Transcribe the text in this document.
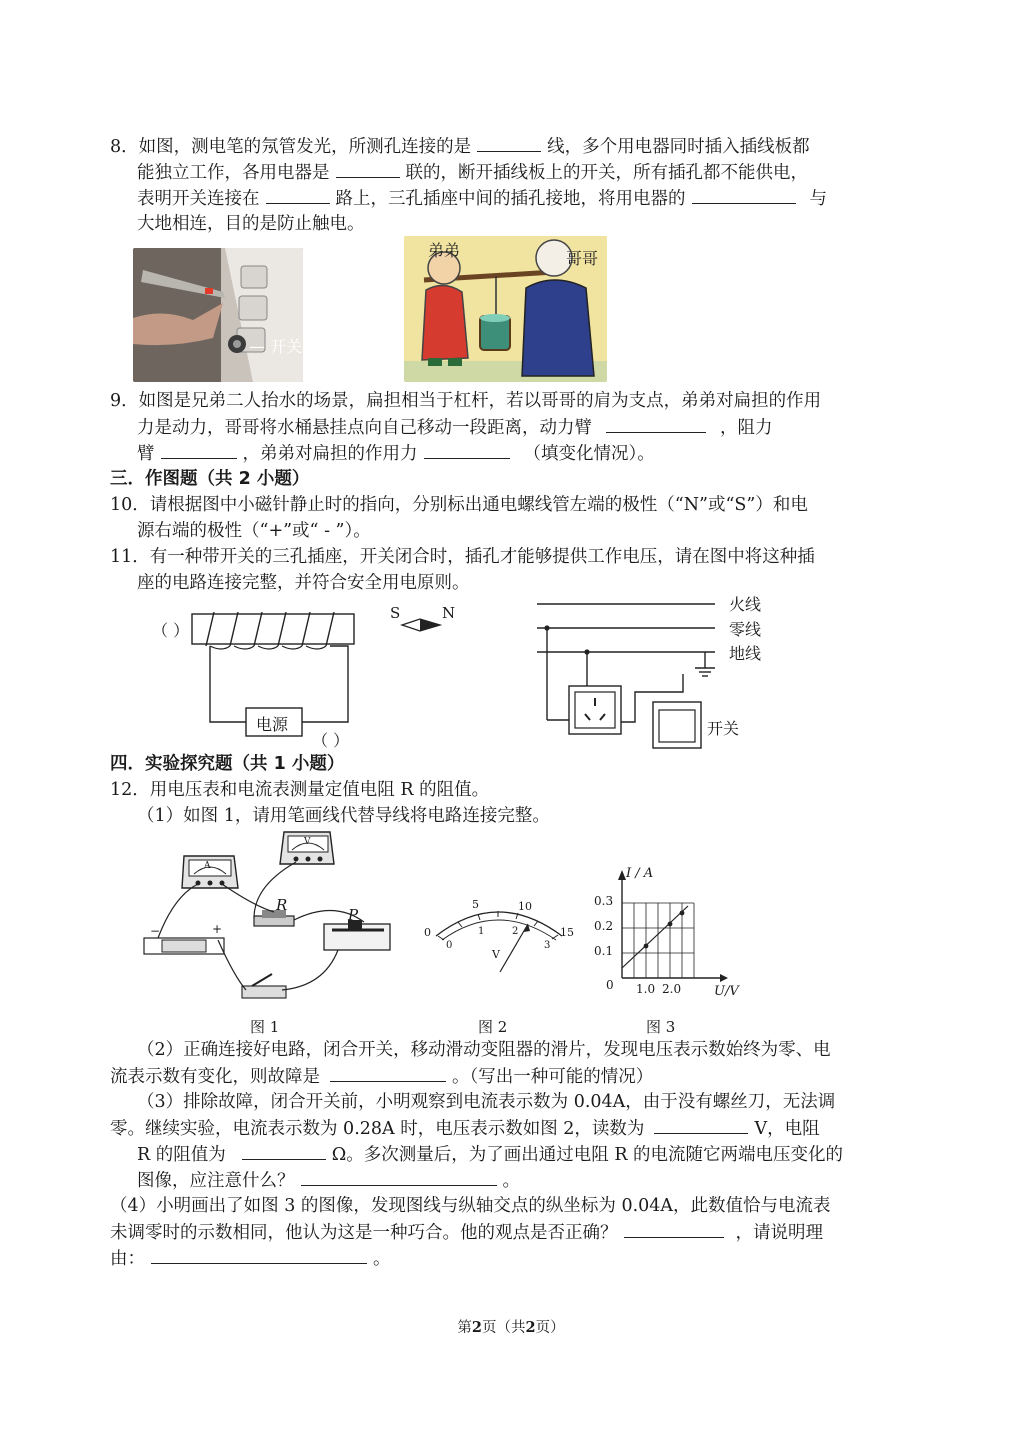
8．如图，测电笔的氖管发光，所测孔连接的是	线，多个用电器同时插入插线板都
能独立工作，各用电器是	联的，断开插线板上的开关，所有插孔都不能供电，
表明开关连接在	路上，三孔插座中间的插孔接地，将用电器的	与
大地相连，目的是防止触电。
— 开关
弟弟	哥哥
9．如图是兄弟二人抬水的场景，扁担相当于杠杆，若以哥哥的肩为支点，弟弟对扁担的作用
力是动力，哥哥将水桶悬挂点向自己移动一段距离，动力臂	，阻力
臂	，弟弟对扁担的作用力	（填变化情况）。
三．作图题（共 2 小题）
10．请根据图中小磁针静止时的指向，分别标出通电螺线管左端的极性（“N”或“S”）和电
源右端的极性（“+”或“ - ”）。
11．有一种带开关的三孔插座，开关闭合时，插孔才能够提供工作电压，请在图中将这种插
座的电路连接完整，并符合安全用电原则。
（ ）
电源
（ ）
S	N	火线
零线
地线
开关
四．实验探究题（共 1 小题）
12．用电压表和电流表测量定值电阻 R 的阻值。
（1）如图 1，请用笔画线代替导线将电路连接完整。
A
V
R
P
−	+	0
5	10
15
0
1	2
3
V
I / A
0.3
0.2
0.1
0 1.0 2.0	U/V
图 1	图 2	图 3
（2）正确连接好电路，闭合开关，移动滑动变阻器的滑片，发现电压表示数始终为零、电
流表示数有变化，则故障是	。（写出一种可能的情况）
（3）排除故障，闭合开关前，小明观察到电流表示数为 0.04A，由于没有螺丝刀，无法调
零。继续实验，电流表示数为 0.28A 时，电压表示数如图 2，读数为	V，电阻
R 的阻值为	Ω。多次测量后，为了画出通过电阻 R 的电流随它两端电压变化的
图像，应注意什么？	。
（4）小明画出了如图 3 的图像，发现图线与纵轴交点的纵坐标为 0.04A，此数值恰与电流表
未调零时的示数相同，他认为这是一种巧合。他的观点是否正确？	，请说明理
由：	。
第2页（共2页）
